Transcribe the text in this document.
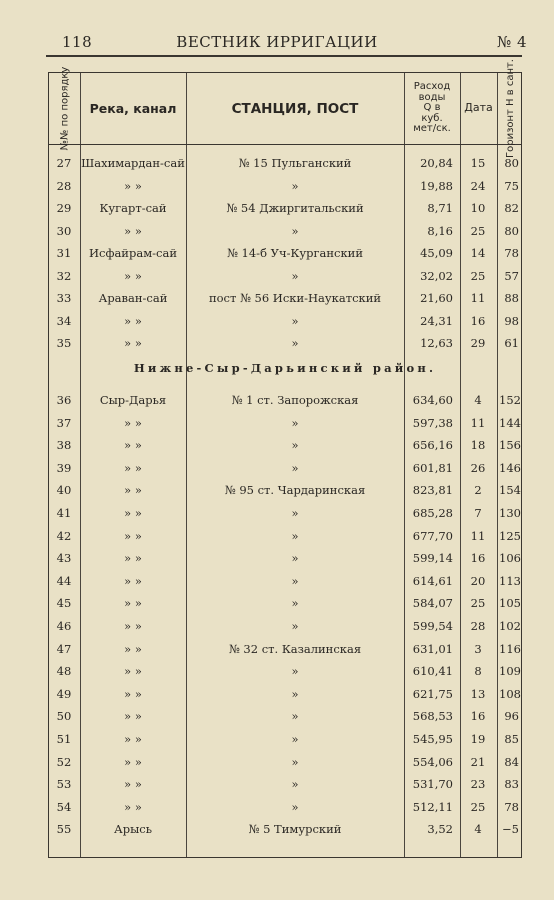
118	ВЕСТНИК ИРРИГАЦИИ	№ 4
№№ по порядку	Река, канал	СТАНЦИЯ, ПОСТ
Расход
воды
Q в
куб.
мет/ск.
Дата	Горизонт Н в сант.
27 Шахимардан-сай	№ 15 Пульганский	20,84	15	80
28	» »	»	19,88	24	75
29	Кугарт-сай	№ 54 Джиргитальский	8,71	10	82
30	» »	»	8,16	25	80
31	Исфайрам-сай	№ 14-б Уч-Курганский	45,09	14	78
32	» »	»	32,02	25	57
33	Араван-сай	пост № 56 Иски-Наукатский	21,60	11	88
34	» »	»	24,31	16	98
35	» »	»	12,63	29	61
Нижне-Сыр-Дарьинский район.
36	Сыр-Дарья	№ 1 ст. Запорожская	634,60	4	152
37	» »	»	597,38	11	144
38	» »	»	656,16	18	156
39	» »	»	601,81	26	146
40	» »	№ 95 ст. Чардаринская	823,81	2	154
41	» »	»	685,28	7	130
42	» »	»	677,70	11	125
43	» »	»	599,14	16	106
44	» »	»	614,61	20	113
45	» »	»	584,07	25	105
46	» »	»	599,54	28	102
47	» »	№ 32 ст. Казалинская	631,01	3	116
48	» »	»	610,41	8	109
49	» »	»	621,75	13	108
50	» »	»	568,53	16	96
51	» »	»	545,95	19	85
52	» »	»	554,06	21	84
53	» »	»	531,70	23	83
54	» »	»	512,11	25	78
55	Арысь	№ 5 Тимурский	3,52	4	−5
